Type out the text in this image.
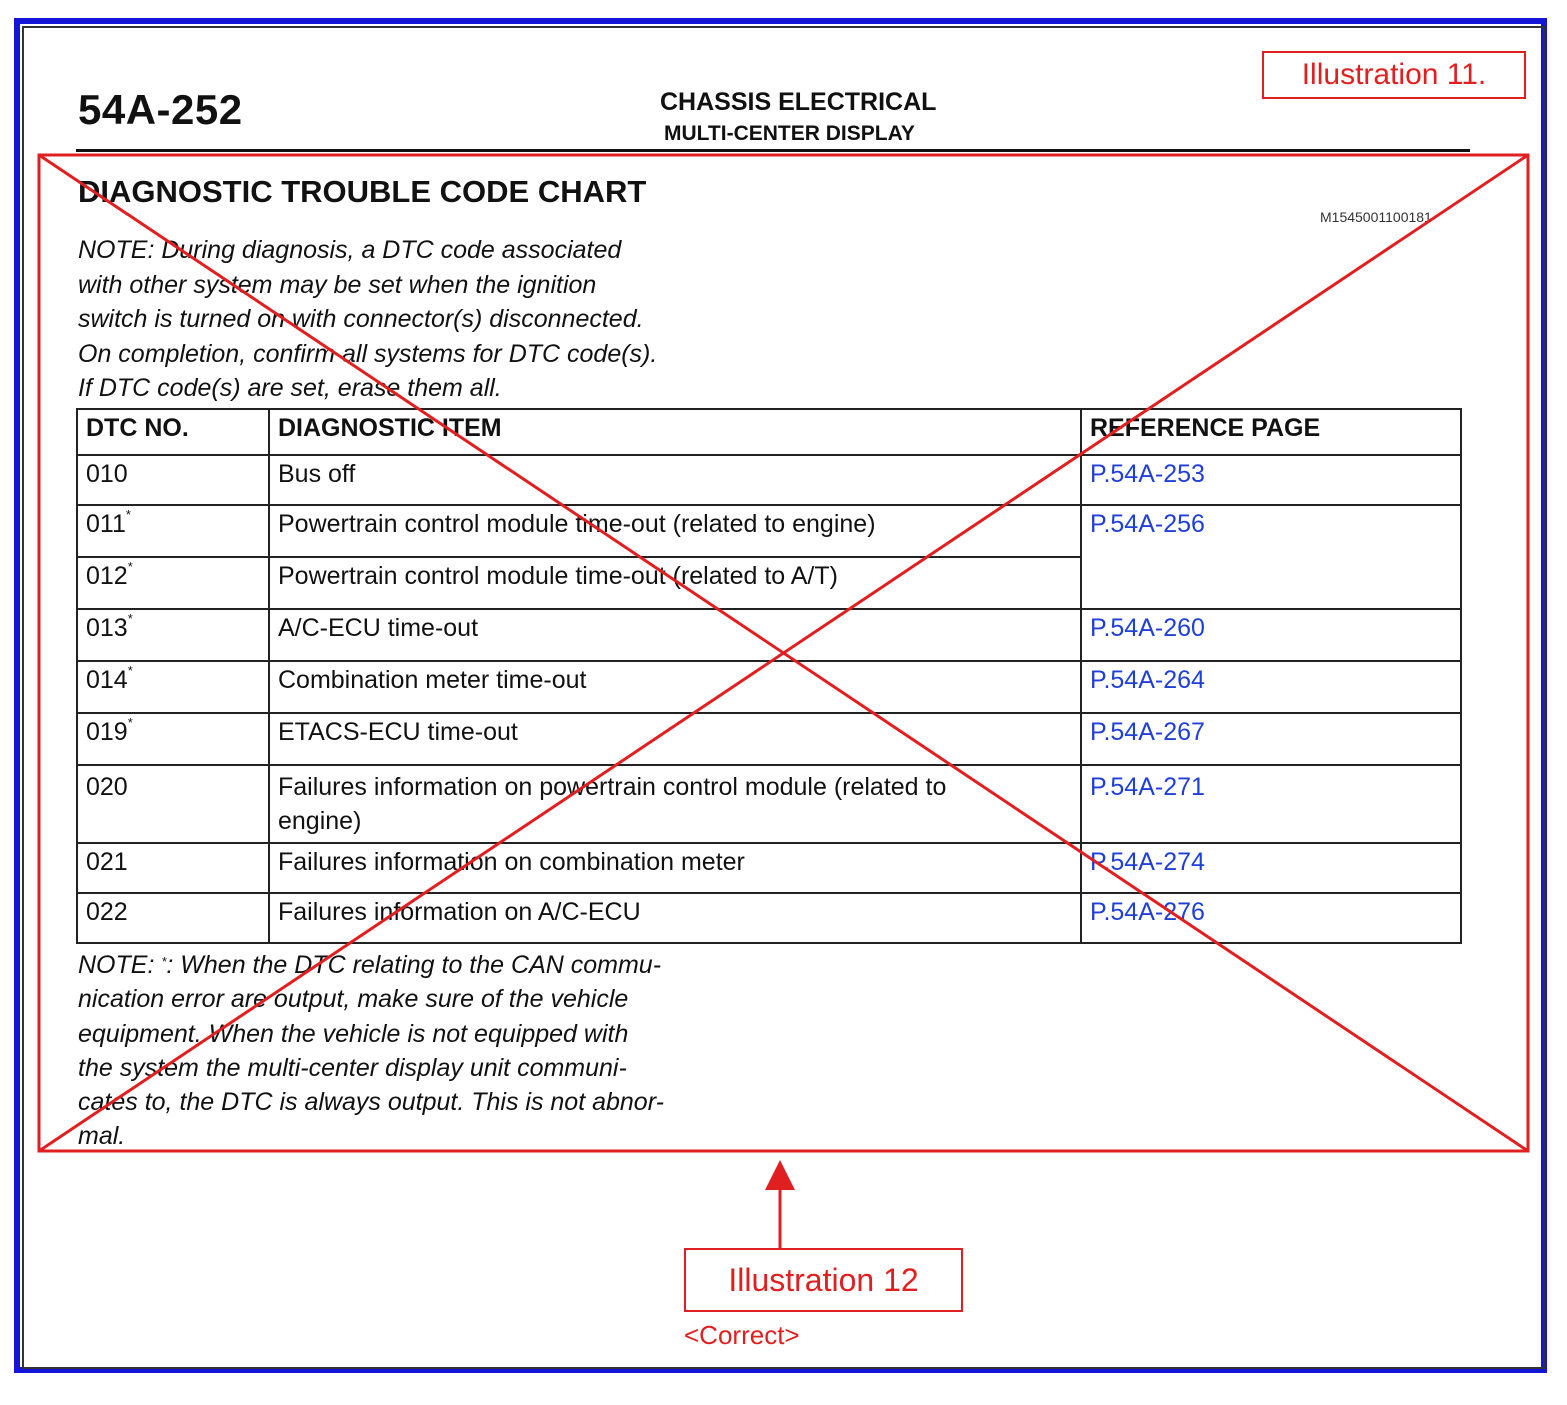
54A-252	CHASSIS ELECTRICAL
MULTI-CENTER DISPLAY
Illustration 11.
DIAGNOSTIC TROUBLE CODE CHART
M1545001100181
NOTE: During diagnosis, a DTC code associated
with other system may be set when the ignition
switch is turned on with connector(s) disconnected.
On completion, confirm all systems for DTC code(s).
If DTC code(s) are set, erase them all.
DTC NO.	DIAGNOSTIC ITEM	REFERENCE PAGE
010	Bus off	P.54A-253
011*	Powertrain control module time-out (related to engine)	P.54A-256
012*	Powertrain control module time-out (related to A/T)	
013*	A/C-ECU time-out	P.54A-260
014*	Combination meter time-out	P.54A-264
019*	ETACS-ECU time-out	P.54A-267
020	Failures information on powertrain control module (related to
engine)	P.54A-271
021	Failures information on combination meter	P.54A-274
022	Failures information on A/C-ECU	P.54A-276
NOTE: *: When the DTC relating to the CAN commu-
nication error are output, make sure of the vehicle
equipment. When the vehicle is not equipped with
the system the multi-center display unit communi-
cates to, the DTC is always output. This is not abnor-
mal.
Illustration 12
<Correct>
